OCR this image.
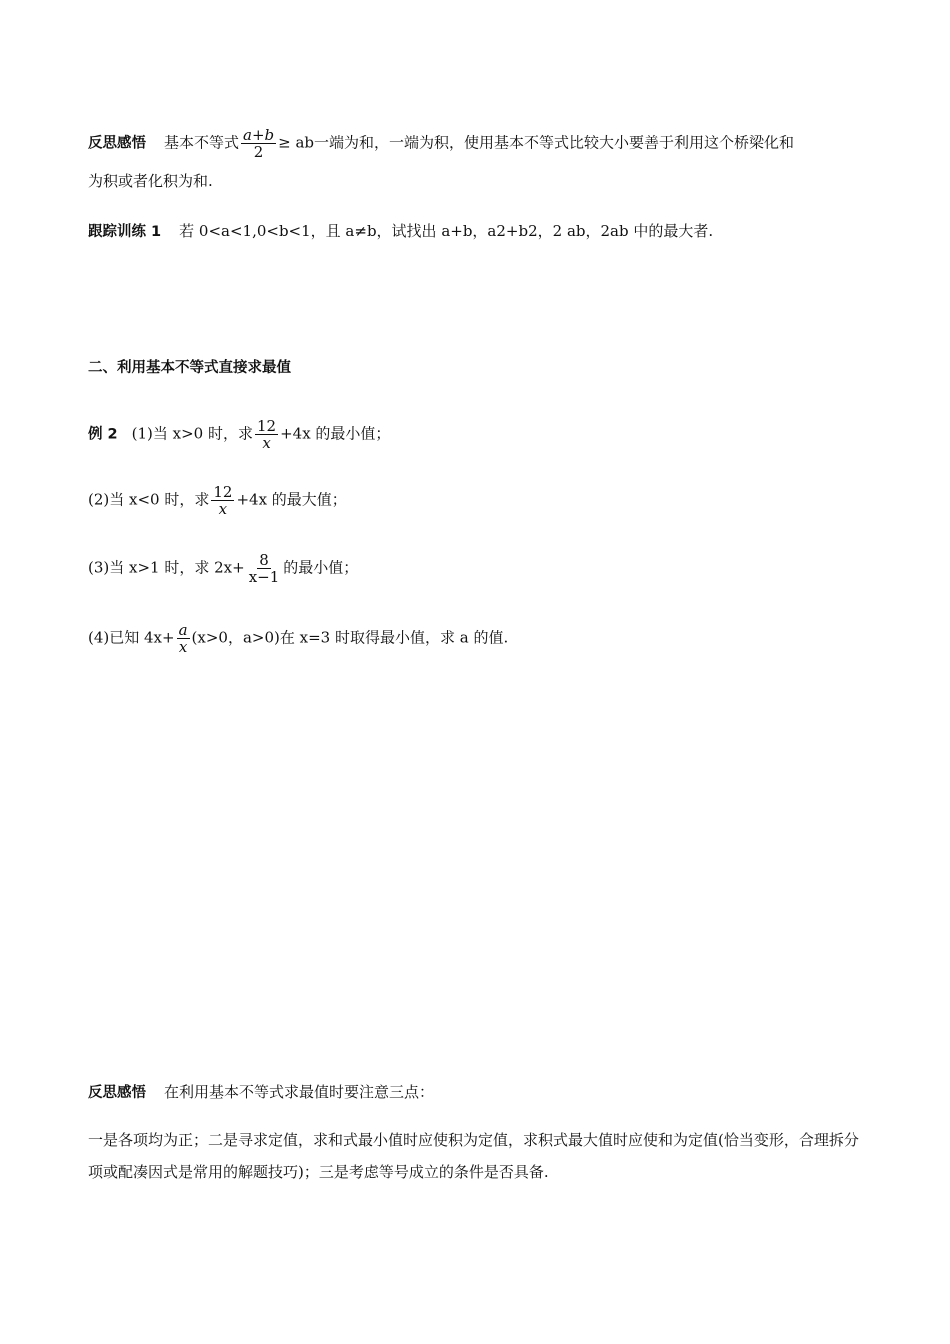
反思感悟 基本不等式 $\frac{a+b}{2}$ ≥ ab一端为和，一端为积，使用基本不等式比较大小要善于利用这个桥梁化和
为积或者化积为和.
跟踪训练 1 若 0<a<1,0<b<1，且 a≠b，试找出 a+b，a2+b2，2 ab，2ab 中的最大者.
二、利用基本不等式直接求最值
例 2 (1)当 x>0 时，求 $\frac{12}{x} +4x$ 的最小值；
(2)当 x<0 时，求 $\frac{12}{x} +4x$ 的最大值；
(3)当 x>1 时，求 $2x+ \frac{8}{x-1}$ 的最小值；
(4)已知 $4x+ \frac{a}{x} (x>0$，a>0)在 x=3 时取得最小值，求 a 的值.
反思感悟 在利用基本不等式求最值时要注意三点：
一是各项均为正；二是寻求定值，求和式最小值时应使积为定值，求积式最大值时应使和为定值(恰当变形，合理拆分项或配凑因式是常用的解题技巧)；三是考虑等号成立的条件是否具备.
